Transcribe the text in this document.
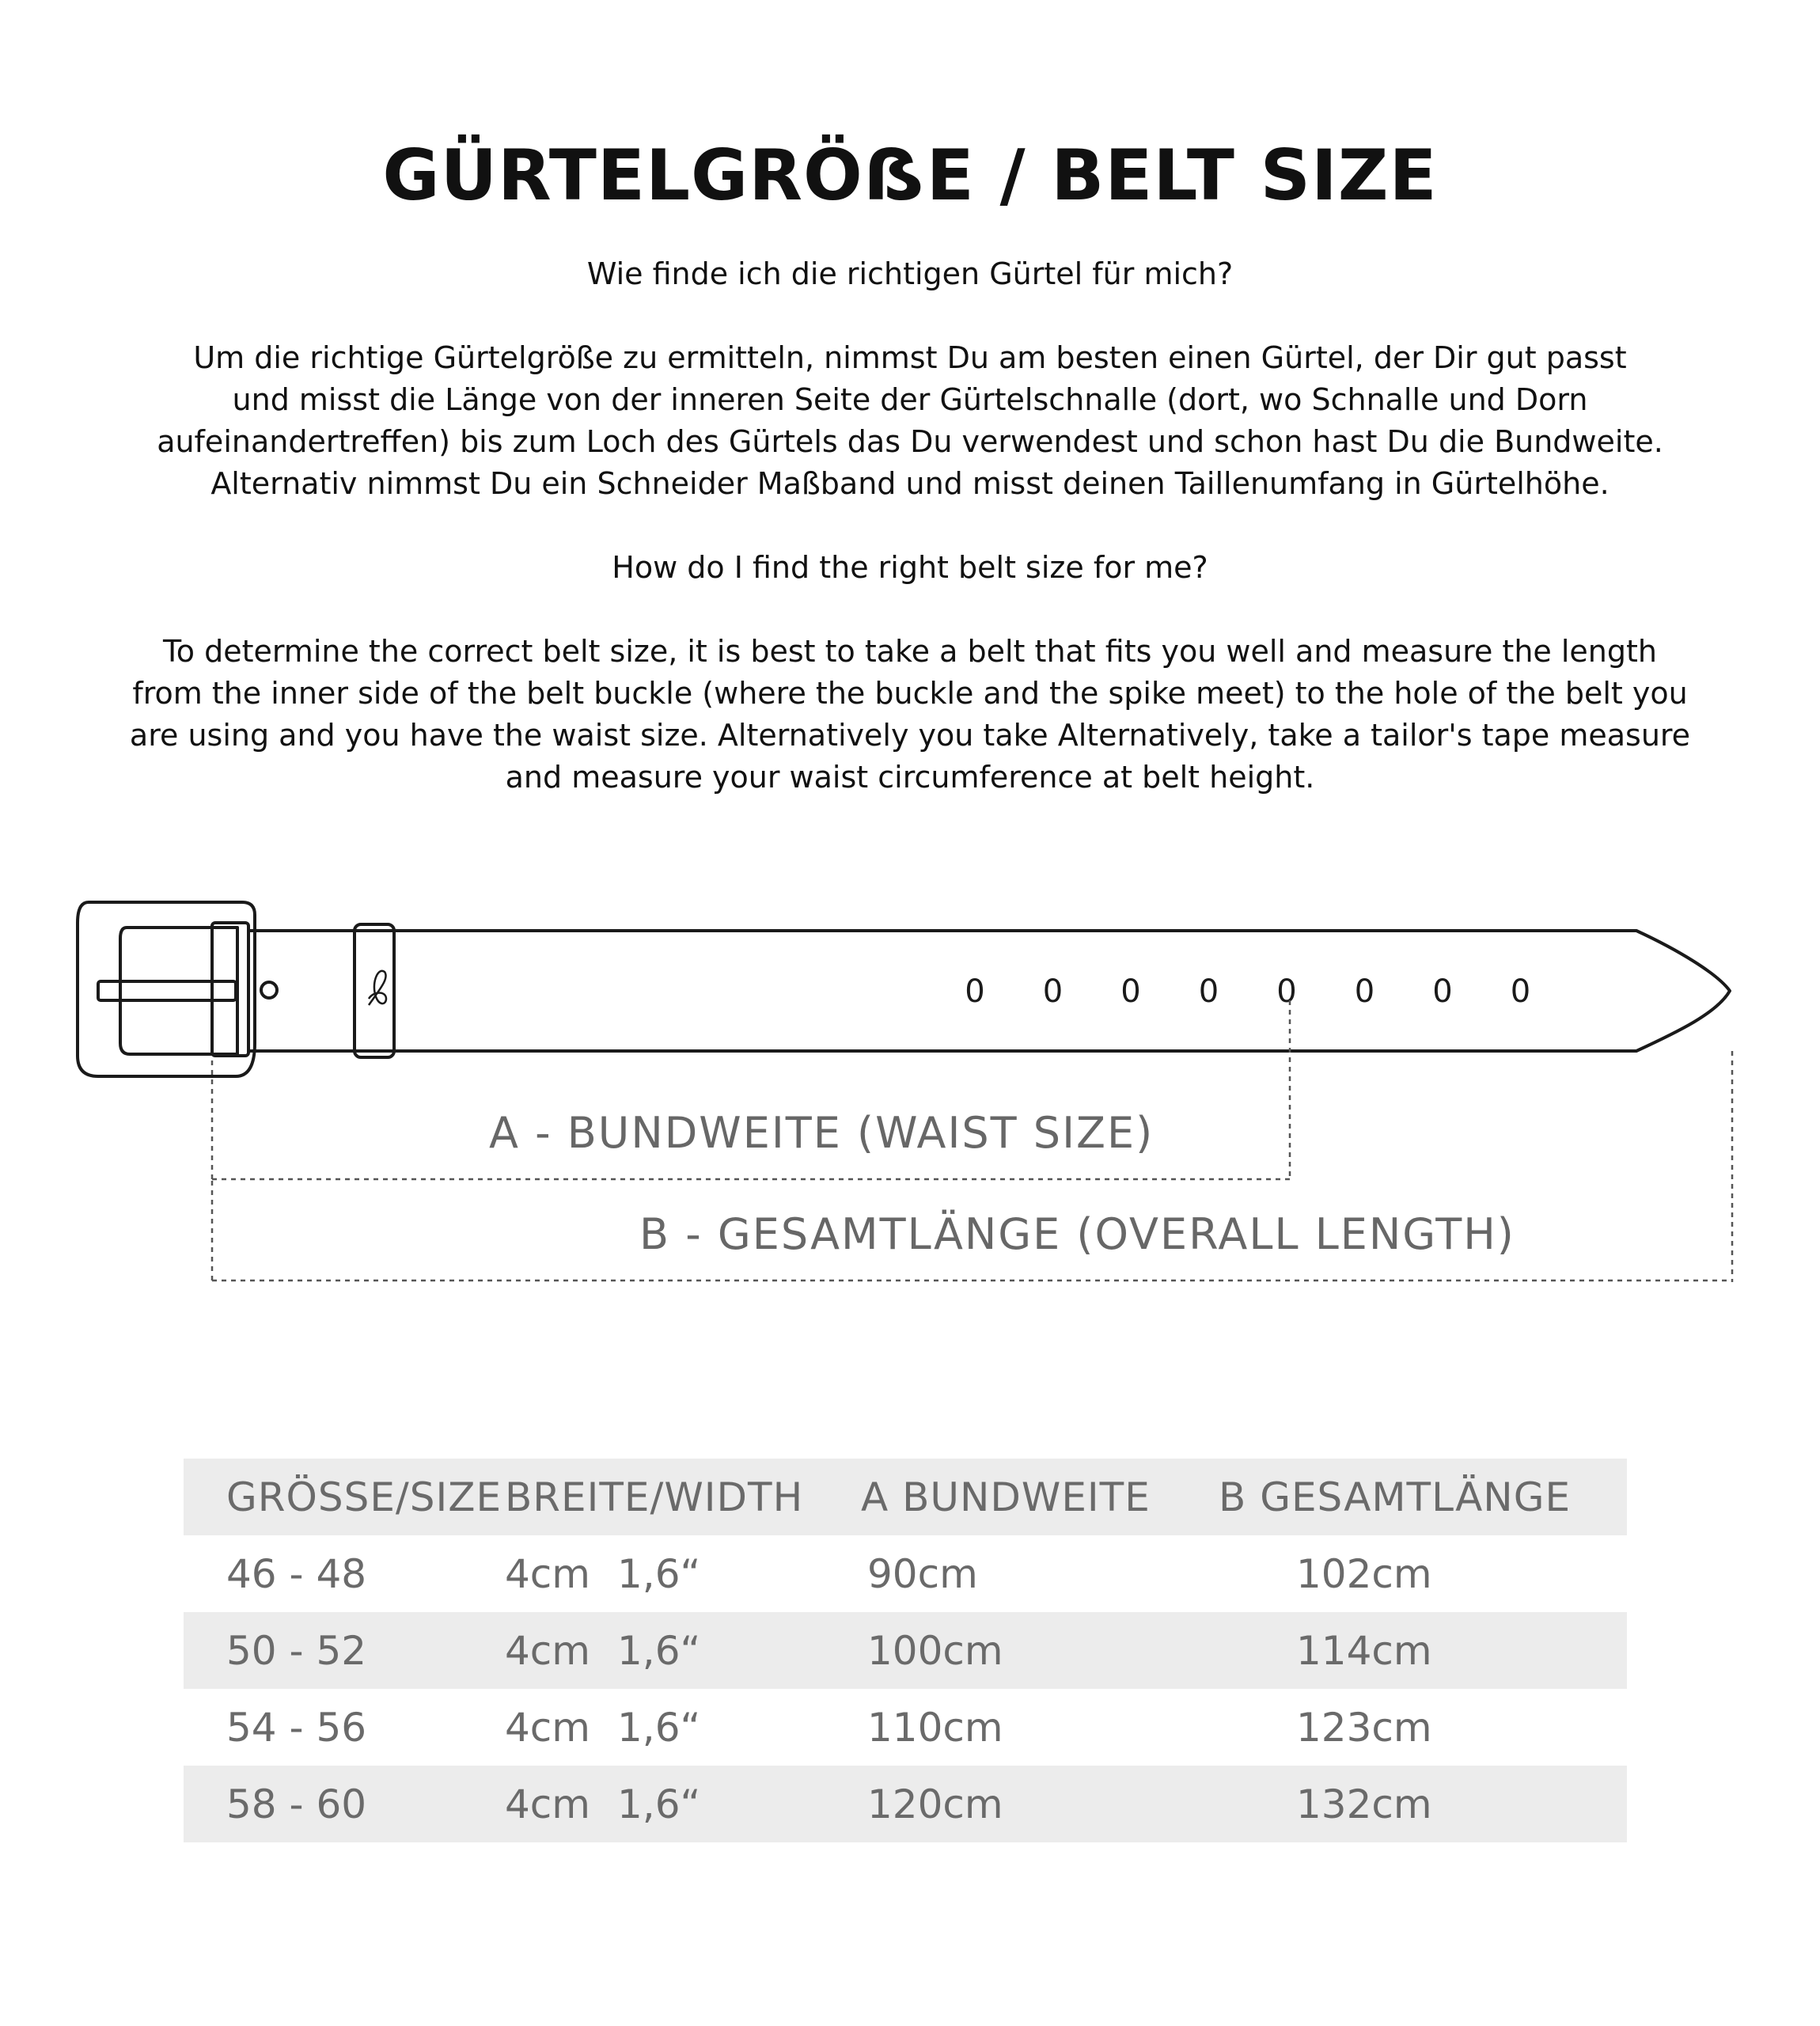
GÜRTELGRÖẞE / BELT SIZE

Wie finde ich die richtigen Gürtel für mich?

Um die richtige Gürtelgröße zu ermitteln, nimmst Du am besten einen Gürtel, der Dir gut passt

und misst die Länge von der inneren Seite der Gürtelschnalle (dort, wo Schnalle und Dorn

aufeinandertreffen) bis zum Loch des Gürtels das Du verwendest und schon hast Du die Bundweite.

Alternativ nimmst Du ein Schneider Maßband und misst deinen Taillenumfang in Gürtelhöhe.

How do I find the right belt size for me?

To determine the correct belt size, it is best to take a belt that fits you well and measure the length

from the inner side of the belt buckle (where the buckle and the spike meet) to the hole of the belt you

are using and you have the waist size. Alternatively you take Alternatively, take a tailor's tape measure

and measure your waist circumference at belt height.

0 0 0 0 0 0 0 0
A - BUNDWEITE (WAIST SIZE)
B - GESAMTLÄNGE (OVERALL LENGTH)
GRÖSSE/SIZE	BREITE/WIDTH	A BUNDWEITE	B GESAMTLÄNGE
46 - 48	4cm 1,6“	90cm	102cm
50 - 52	4cm 1,6“	100cm	114cm
54 - 56	4cm 1,6“	110cm	123cm
58 - 60	4cm 1,6“	120cm	132cm
